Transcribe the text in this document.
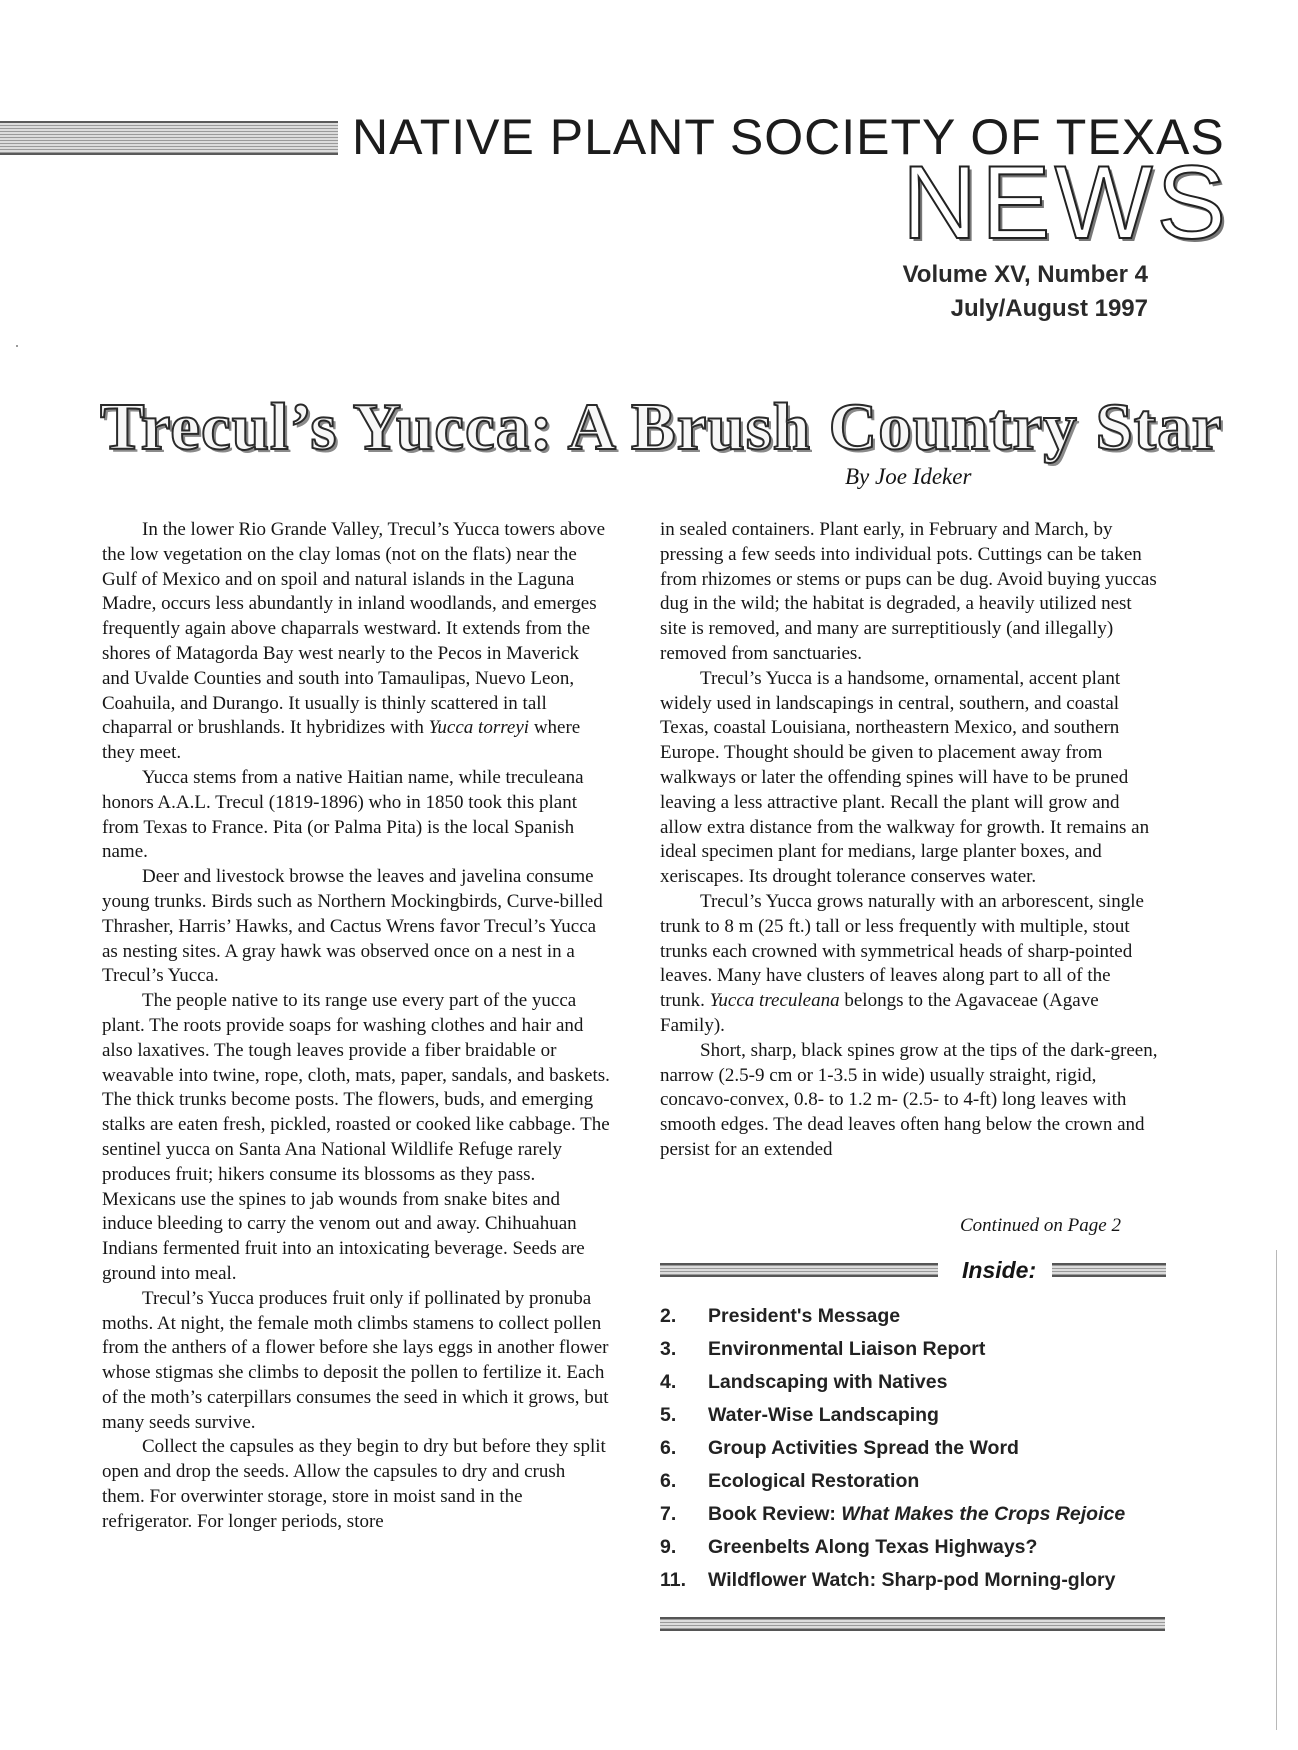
NATIVE PLANT SOCIETY OF TEXAS
NEWS
Volume XV, Number 4
July/August 1997
Trecul’s Yucca: A Brush Country Star
By Joe Ideker

In the lower Rio Grande Valley, Trecul’s Yucca towers above the low vegetation on the clay lomas (not on the flats) near the Gulf of Mexico and on spoil and natural islands in the Laguna Madre, occurs less abundantly in inland woodlands, and emerges frequently again above chaparrals westward. It extends from the shores of Matagorda Bay west nearly to the Pecos in Maverick and Uvalde Counties and south into Tamaulipas, Nuevo Leon, Coahuila, and Durango. It usually is thinly scattered in tall chaparral or brushlands. It hybridizes with Yucca torreyi where they meet.

Yucca stems from a native Haitian name, while treculeana honors A.A.L. Trecul (1819-1896) who in 1850 took this plant from Texas to France. Pita (or Palma Pita) is the local Spanish name.

Deer and livestock browse the leaves and javelina consume young trunks. Birds such as Northern Mockingbirds, Curve-billed Thrasher, Harris’ Hawks, and Cactus Wrens favor Trecul’s Yucca as nesting sites. A gray hawk was observed once on a nest in a Trecul’s Yucca.

The people native to its range use every part of the yucca plant. The roots provide soaps for washing clothes and hair and also laxatives. The tough leaves provide a fiber braidable or weavable into twine, rope, cloth, mats, paper, sandals, and baskets. The thick trunks become posts. The flowers, buds, and emerging stalks are eaten fresh, pickled, roasted or cooked like cabbage. The sentinel yucca on Santa Ana National Wildlife Refuge rarely produces fruit; hikers consume its blossoms as they pass. Mexicans use the spines to jab wounds from snake bites and induce bleeding to carry the venom out and away. Chihuahuan Indians fermented fruit into an intoxicating beverage. Seeds are ground into meal.

Trecul’s Yucca produces fruit only if pollinated by pronuba moths. At night, the female moth climbs stamens to collect pollen from the anthers of a flower before she lays eggs in another flower whose stigmas she climbs to deposit the pollen to fertilize it. Each of the moth’s caterpillars consumes the seed in which it grows, but many seeds survive.

Collect the capsules as they begin to dry but before they split open and drop the seeds. Allow the capsules to dry and crush them. For overwinter storage, store in moist sand in the refrigerator. For longer periods, store

in sealed containers. Plant early, in February and March, by pressing a few seeds into individual pots. Cuttings can be taken from rhizomes or stems or pups can be dug. Avoid buying yuccas dug in the wild; the habitat is degraded, a heavily utilized nest site is removed, and many are surreptitiously (and illegally) removed from sanctuaries.

Trecul’s Yucca is a handsome, ornamental, accent plant widely used in landscapings in central, southern, and coastal Texas, coastal Louisiana, northeastern Mexico, and southern Europe. Thought should be given to placement away from walkways or later the offending spines will have to be pruned leaving a less attractive plant. Recall the plant will grow and allow extra distance from the walkway for growth. It remains an ideal specimen plant for medians, large planter boxes, and xeriscapes. Its drought tolerance conserves water.

Trecul’s Yucca grows naturally with an arborescent, single trunk to 8 m (25 ft.) tall or less frequently with multiple, stout trunks each crowned with symmetrical heads of sharp-pointed leaves. Many have clusters of leaves along part to all of the trunk. Yucca treculeana belongs to the Agavaceae (Agave Family).

Short, sharp, black spines grow at the tips of the dark-green, narrow (2.5-9 cm or 1-3.5 in wide) usually straight, rigid, concavo-convex, 0.8- to 1.2 m- (2.5- to 4-ft) long leaves with smooth edges. The dead leaves often hang below the crown and persist for an extended

Continued on Page 2
Inside:
2. President's Message
3. Environmental Liaison Report
4. Landscaping with Natives
5. Water-Wise Landscaping
6. Group Activities Spread the Word
6. Ecological Restoration
7. Book Review: What Makes the Crops Rejoice
9. Greenbelts Along Texas Highways?
11. Wildflower Watch: Sharp-pod Morning-glory
